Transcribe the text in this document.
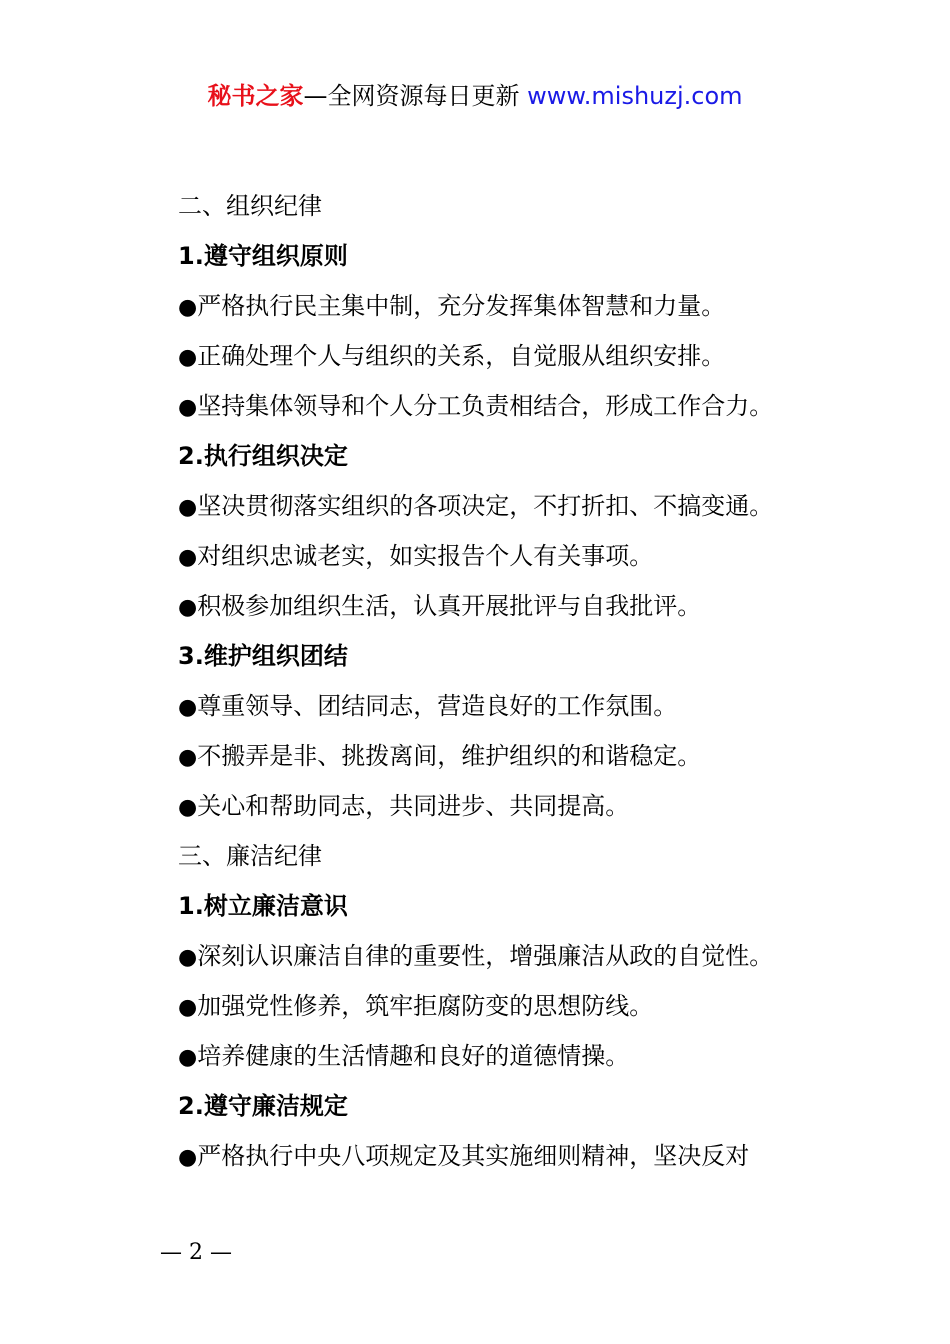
秘书之家—全网资源每日更新 www.mishuzj.com
二、组织纪律
1.遵守组织原则
●严格执行民主集中制，充分发挥集体智慧和力量。
●正确处理个人与组织的关系，自觉服从组织安排。
●坚持集体领导和个人分工负责相结合，形成工作合力。
2.执行组织决定
●坚决贯彻落实组织的各项决定，不打折扣、不搞变通。
●对组织忠诚老实，如实报告个人有关事项。
●积极参加组织生活，认真开展批评与自我批评。
3.维护组织团结
●尊重领导、团结同志，营造良好的工作氛围。
●不搬弄是非、挑拨离间，维护组织的和谐稳定。
●关心和帮助同志，共同进步、共同提高。
三、廉洁纪律
1.树立廉洁意识
●深刻认识廉洁自律的重要性，增强廉洁从政的自觉性。
●加强党性修养，筑牢拒腐防变的思想防线。
●培养健康的生活情趣和良好的道德情操。
2.遵守廉洁规定
●严格执行中央八项规定及其实施细则精神，坚决反对
— 2 —
